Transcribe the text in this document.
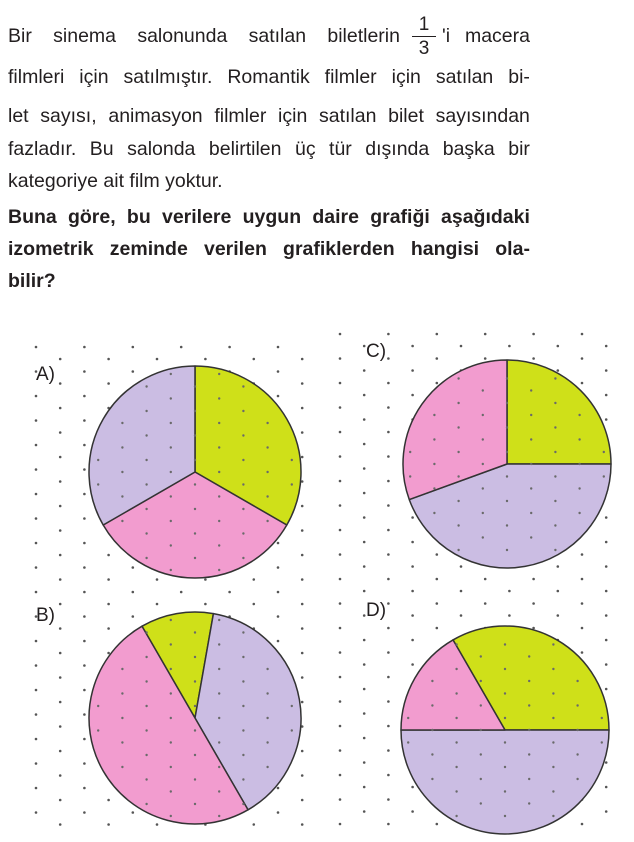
Bir sinema salonunda satılan biletlerin 'i macera
1
3
filmleri için satılmıştır. Romantik filmler için satılan bi-
let sayısı, animasyon filmler için satılan bilet sayısından
fazladır. Bu salonda belirtilen üç tür dışında başka bir
kategoriye ait film yoktur.
Buna göre, bu verilere uygun daire grafiği aşağıdaki
izometrik zeminde verilen grafiklerden hangisi ola-
bilir?
A)
B)
C)
D)
